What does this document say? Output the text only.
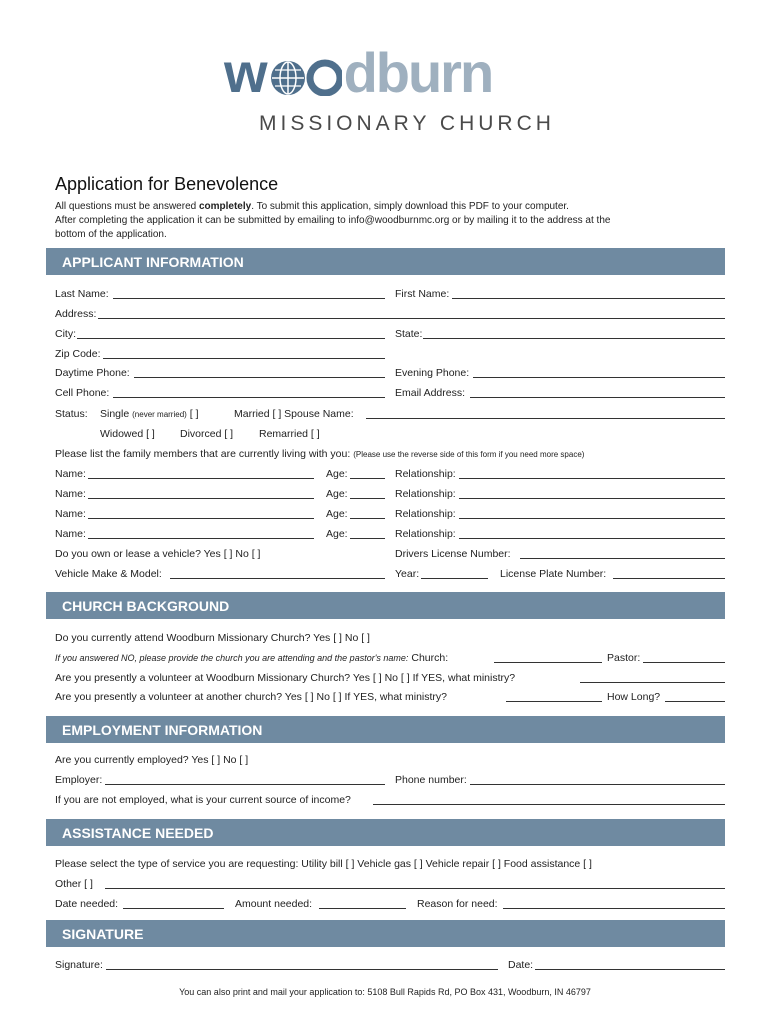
w dburn
MISSIONARY CHURCH
Application for Benevolence
All questions must be answered completely. To submit this application, simply download this PDF to your computer.
After completing the application it can be submitted by emailing to info@woodburnmc.org or by mailing it to the address at the
bottom of the application.
APPLICANT INFORMATION
Last Name:	First Name:
Address:
City:	State:
Zip Code:
Daytime Phone:	Evening Phone:
Cell Phone:	Email Address:
Status: Single (never married) [ ]	Married [ ] Spouse Name:
Widowed [ ] Divorced [ ] Remarried [ ]
Please list the family members that are currently living with you: (Please use the reverse side of this form if you need more space)
Name:	Age:	Relationship:
Name:	Age:	Relationship:
Name:	Age:	Relationship:
Name:	Age:	Relationship:
Do you own or lease a vehicle? Yes [ ] No [ ]	Drivers License Number:
Vehicle Make & Model:	Year:	License Plate Number:
CHURCH BACKGROUND
Do you currently attend Woodburn Missionary Church? Yes [ ] No [ ]
If you answered NO, please provide the church you are attending and the pastor's name: Church:	Pastor:
Are you presently a volunteer at Woodburn Missionary Church? Yes [ ] No [ ] If YES, what ministry?
Are you presently a volunteer at another church? Yes [ ] No [ ] If YES, what ministry?	How Long?
EMPLOYMENT INFORMATION
Are you currently employed? Yes [ ] No [ ]
Employer:	Phone number:
If you are not employed, what is your current source of income?
ASSISTANCE NEEDED
Please select the type of service you are requesting: Utility bill [ ] Vehicle gas [ ] Vehicle repair [ ] Food assistance [ ]
Other [ ]
Date needed:	Amount needed:	Reason for need:
SIGNATURE
Signature:	Date:
You can also print and mail your application to: 5108 Bull Rapids Rd, PO Box 431, Woodburn, IN 46797
